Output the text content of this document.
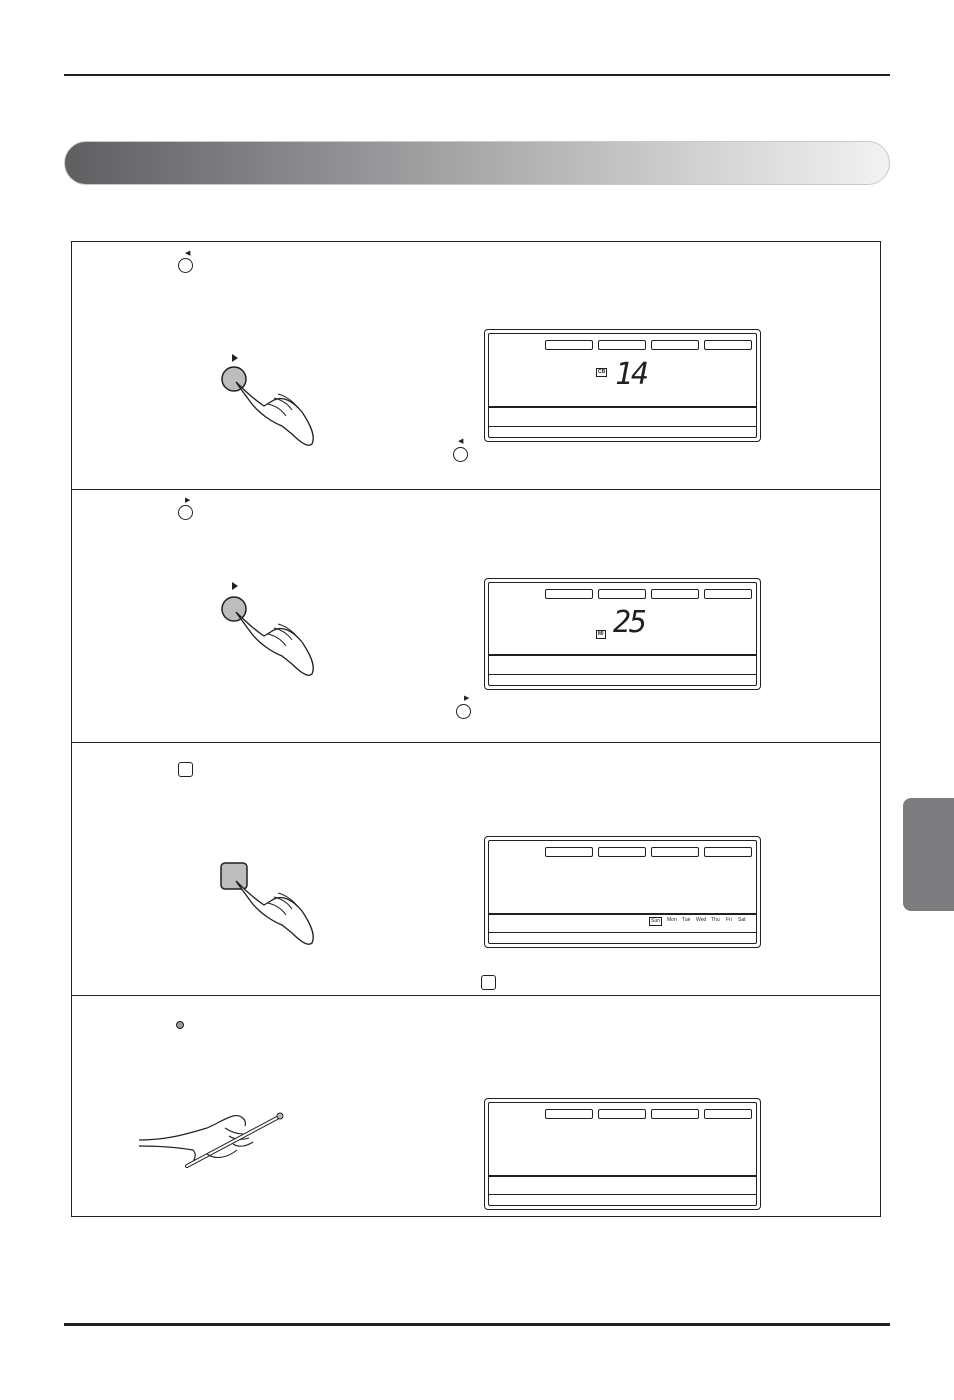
◀
CB 14
◀
▶
MI 25
▶
Sun	Mon Tue Wed Thu Fri Sat
